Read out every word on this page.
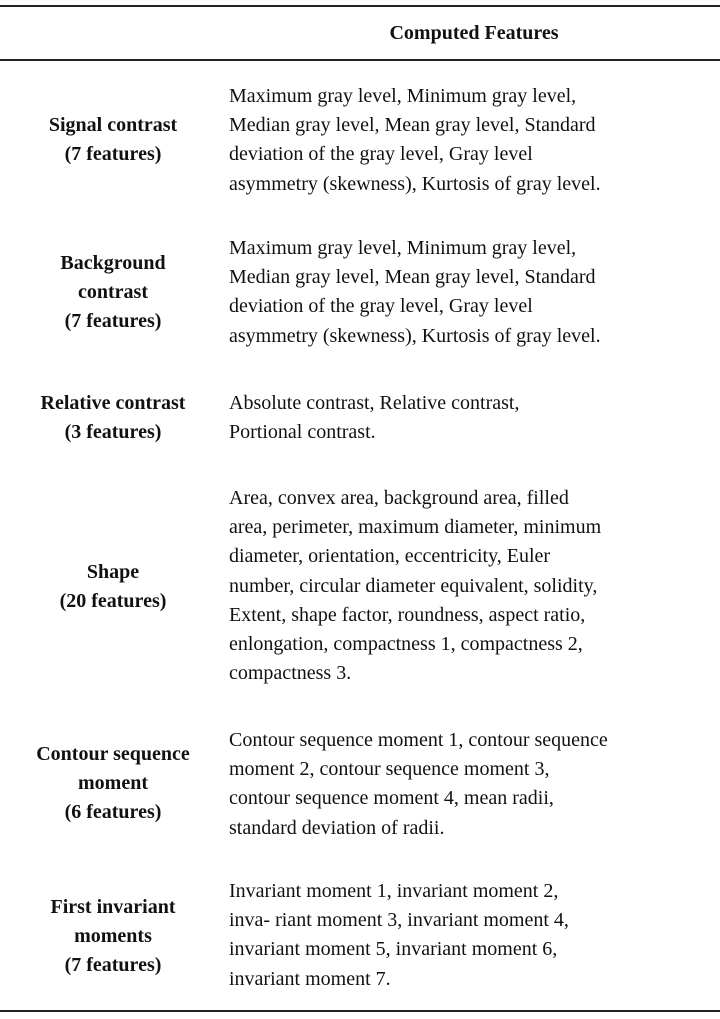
Computed Features
Signal contrast
(7 features)
Maximum gray level, Minimum gray level,
Median gray level, Mean gray level, Standard
deviation of the gray level, Gray level
asymmetry (skewness), Kurtosis of gray level.
Background
contrast
(7 features)
Maximum gray level, Minimum gray level,
Median gray level, Mean gray level, Standard
deviation of the gray level, Gray level
asymmetry (skewness), Kurtosis of gray level.
Relative contrast
(3 features)
Absolute contrast, Relative contrast,
Portional contrast.
Shape
(20 features)
Area, convex area, background area, filled
area, perimeter, maximum diameter, minimum
diameter, orientation, eccentricity, Euler
number, circular diameter equivalent, solidity,
Extent, shape factor, roundness, aspect ratio,
enlongation, compactness 1, compactness 2,
compactness 3.
Contour sequence
moment
(6 features)
Contour sequence moment 1, contour sequence
moment 2, contour sequence moment 3,
contour sequence moment 4, mean radii,
standard deviation of radii.
First invariant
moments
(7 features)
Invariant moment 1, invariant moment 2,
inva- riant moment 3, invariant moment 4,
invariant moment 5, invariant moment 6,
invariant moment 7.
